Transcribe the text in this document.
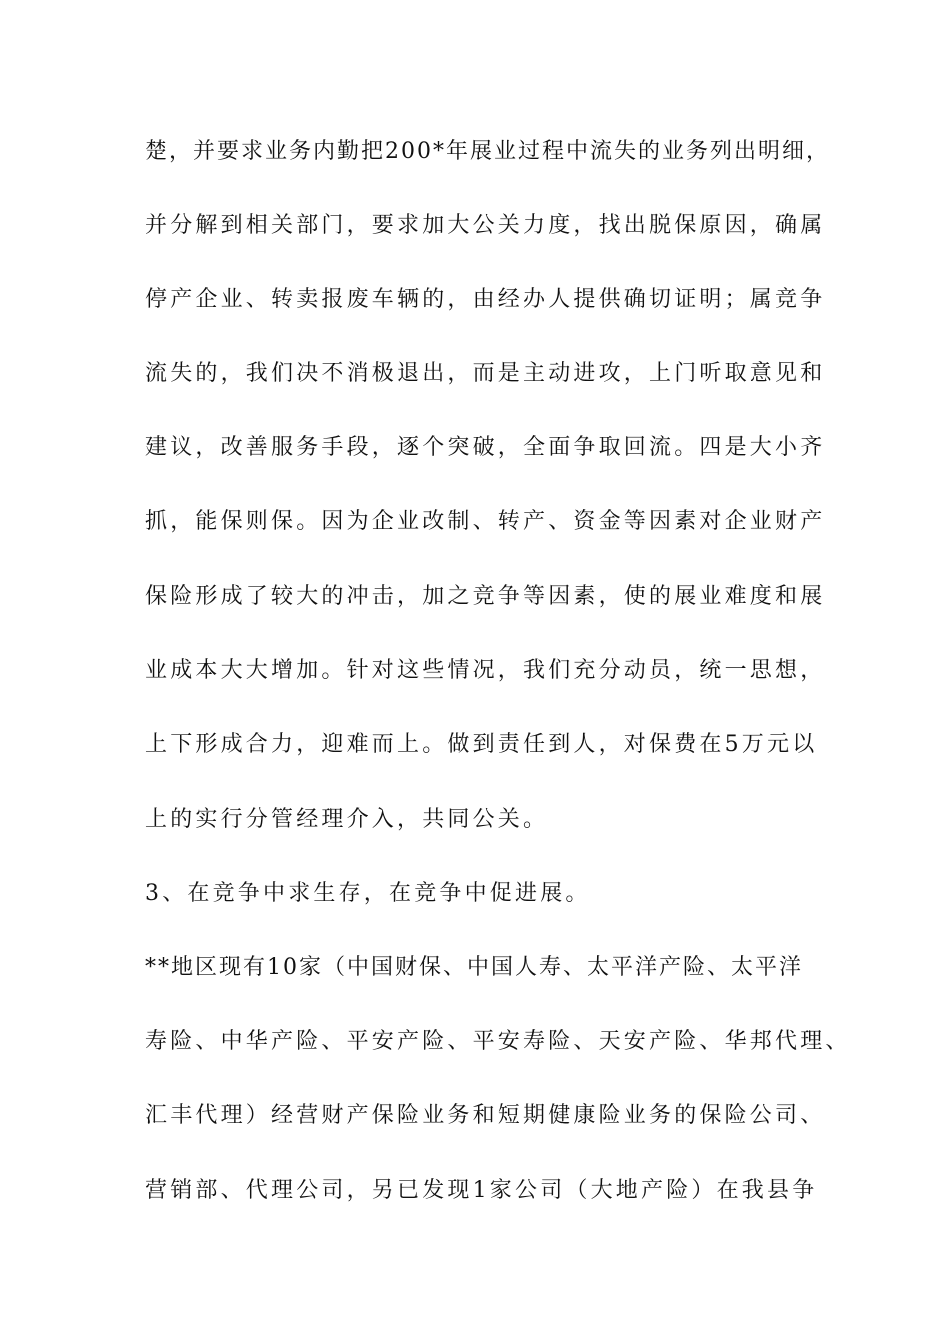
楚，并要求业务内勤把200*年展业过程中流失的业务列出明细，

并分解到相关部门，要求加大公关力度，找出脱保原因，确属

停产企业、转卖报废车辆的，由经办人提供确切证明；属竞争

流失的，我们决不消极退出，而是主动进攻，上门听取意见和

建议，改善服务手段，逐个突破，全面争取回流。四是大小齐

抓，能保则保。因为企业改制、转产、资金等因素对企业财产

保险形成了较大的冲击，加之竞争等因素，使的展业难度和展

业成本大大增加。针对这些情况，我们充分动员，统一思想，

上下形成合力，迎难而上。做到责任到人，对保费在5万元以

上的实行分管经理介入，共同公关。

3、在竞争中求生存，在竞争中促进展。

**地区现有10家（中国财保、中国人寿、太平洋产险、太平洋

寿险、中华产险、平安产险、平安寿险、天安产险、华邦代理、

汇丰代理）经营财产保险业务和短期健康险业务的保险公司、

营销部、代理公司，另已发现1家公司（大地产险）在我县争
